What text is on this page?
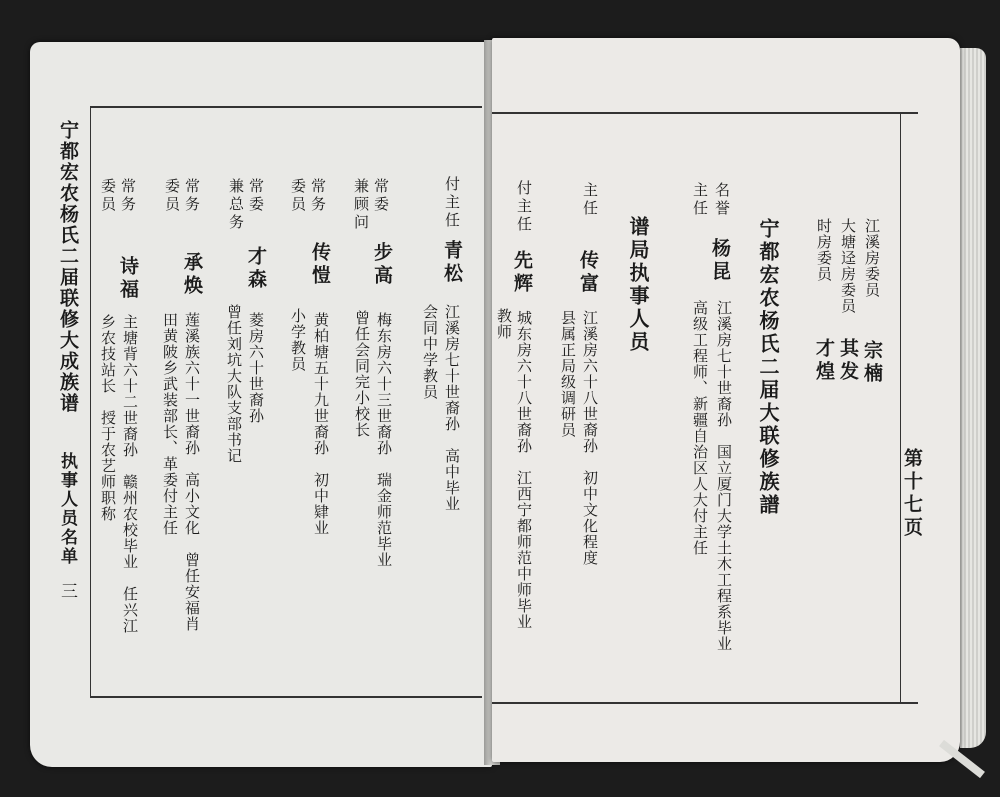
宁都宏农杨氏二届联修大成族谱
执事人员名单
三
付主任
青松
江溪房七十世裔孙　高中毕业
会同中学教员
常委
兼顾问
步高
梅东房六十三世裔孙　瑞金师范毕业
曾任会同完小校长
常务
委员
传愷
黄柏塘五十九世裔孙　初中肄业
小学教员
常委
兼总务
才森
菱房六十世裔孙
曾任刘坑大队支部书记
常务
委员
承焕
莲溪族六十一世裔孙　高小文化　曾任安福肖
田黄陂乡武装部长、革委付主任
常务
委员
诗福
主塘背六十二世裔孙　赣州农校毕业　任兴江
乡农技站长　授于农艺师职称	第十七页
江溪房委员
宗楠
大塘迳房委员
其发
时房委员
才煌
宁都宏农杨氏二届大联修族譜
名誉
主任
杨昆
江溪房七十世裔孙　国立厦门大学土木工程系毕业
高级工程师、新疆自治区人大付主任
谱局执事人员
主任
传富
江溪房六十八世裔孙　初中文化程度
县属正局级调研员
付主任
先辉
城东房六十八世裔孙　江西宁都师范中师毕业
教师
